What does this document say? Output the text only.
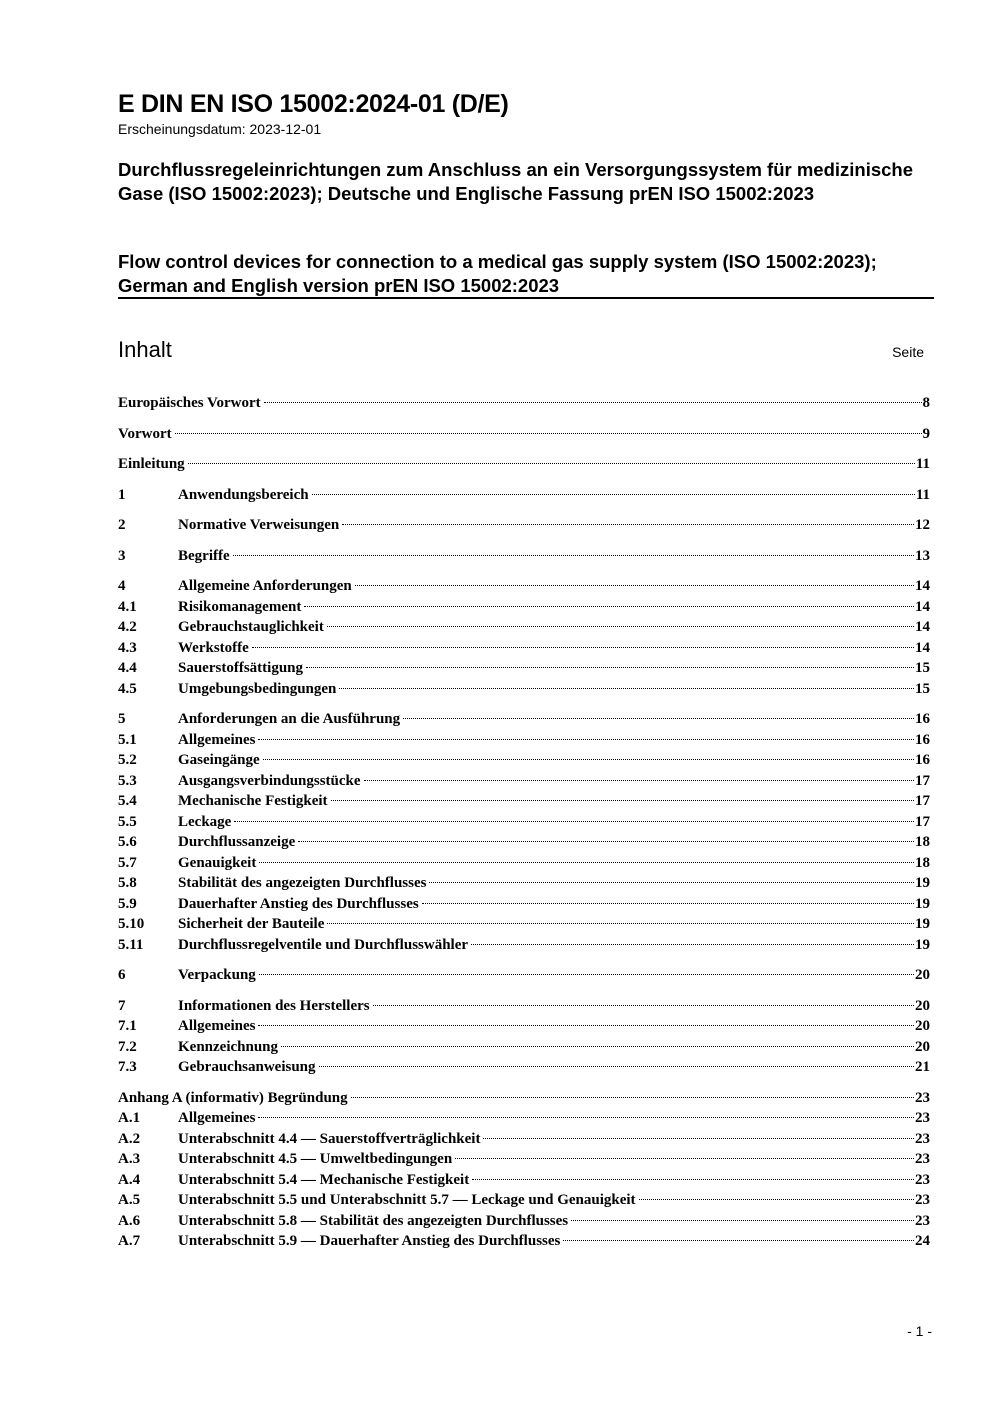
E DIN EN ISO 15002:2024-01 (D/E)
Erscheinungsdatum: 2023-12-01
Durchflussregeleinrichtungen zum Anschluss an ein Versorgungssystem für medizinische Gase (ISO 15002:2023); Deutsche und Englische Fassung prEN ISO 15002:2023
Flow control devices for connection to a medical gas supply system (ISO 15002:2023); German and English version prEN ISO 15002:2023
Inhalt	Seite
Europäisches Vorwort	8
Vorwort	9
Einleitung	11
1	Anwendungsbereich	11
2	Normative Verweisungen	12
3	Begriffe	13
4	Allgemeine Anforderungen	14
4.1	Risikomanagement	14
4.2	Gebrauchstauglichkeit	14
4.3	Werkstoffe	14
4.4	Sauerstoffsättigung	15
4.5	Umgebungsbedingungen	15
5	Anforderungen an die Ausführung	16
5.1	Allgemeines	16
5.2	Gaseingänge	16
5.3	Ausgangsverbindungsstücke	17
5.4	Mechanische Festigkeit	17
5.5	Leckage	17
5.6	Durchflussanzeige	18
5.7	Genauigkeit	18
5.8	Stabilität des angezeigten Durchflusses	19
5.9	Dauerhafter Anstieg des Durchflusses	19
5.10 Sicherheit der Bauteile	19
5.11 Durchflussregelventile und Durchflusswähler	19
6	Verpackung	20
7	Informationen des Herstellers	20
7.1	Allgemeines	20
7.2	Kennzeichnung	20
7.3	Gebrauchsanweisung	21
Anhang A (informativ) Begründung	23
A.1	Allgemeines	23
A.2	Unterabschnitt 4.4 — Sauerstoffverträglichkeit	23
A.3	Unterabschnitt 4.5 — Umweltbedingungen	23
A.4	Unterabschnitt 5.4 — Mechanische Festigkeit	23
A.5	Unterabschnitt 5.5 und Unterabschnitt 5.7 — Leckage und Genauigkeit	23
A.6	Unterabschnitt 5.8 — Stabilität des angezeigten Durchflusses	23
A.7	Unterabschnitt 5.9 — Dauerhafter Anstieg des Durchflusses	24
- 1 -
